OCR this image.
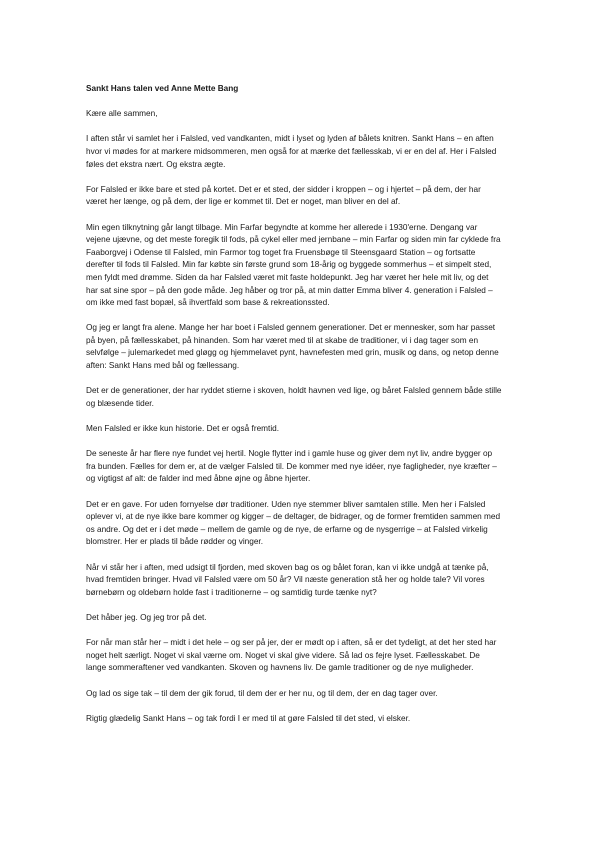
Sankt Hans talen ved Anne Mette Bang
Kære alle sammen,
I aften står vi samlet her i Falsled, ved vandkanten, midt i lyset og lyden af bålets knitren. Sankt Hans – en aften hvor vi mødes for at markere midsommeren, men også for at mærke det fællesskab, vi er en del af. Her i Falsled føles det ekstra nært. Og ekstra ægte.
For Falsled er ikke bare et sted på kortet. Det er et sted, der sidder i kroppen – og i hjertet – på dem, der har været her længe, og på dem, der lige er kommet til. Det er noget, man bliver en del af.
Min egen tilknytning går langt tilbage. Min Farfar begyndte at komme her allerede i 1930'erne. Dengang var vejene ujævne, og det meste foregik til fods, på cykel eller med jernbane – min Farfar og siden min far cyklede fra Faaborgvej i Odense til Falsled, min Farmor tog toget fra Fruensbøge til Steensgaard Station – og fortsatte derefter til fods til Falsled. Min far købte sin første grund som 18-årig og byggede sommerhus – et simpelt sted, men fyldt med drømme. Siden da har Falsled været mit faste holdepunkt. Jeg har været her hele mit liv, og det har sat sine spor – på den gode måde. Jeg håber og tror på, at min datter Emma bliver 4. generation i Falsled – om ikke med fast bopæl, så ihvertfald som base & rekreationssted.
Og jeg er langt fra alene. Mange her har boet i Falsled gennem generationer. Det er mennesker, som har passet på byen, på fællesskabet, på hinanden. Som har været med til at skabe de traditioner, vi i dag tager som en selvfølge – julemarkedet med gløgg og hjemmelavet pynt, havnefesten med grin, musik og dans, og netop denne aften: Sankt Hans med bål og fællessang.
Det er de generationer, der har ryddet stierne i skoven, holdt havnen ved lige, og båret Falsled gennem både stille og blæsende tider.
Men Falsled er ikke kun historie. Det er også fremtid.
De seneste år har flere nye fundet vej hertil. Nogle flytter ind i gamle huse og giver dem nyt liv, andre bygger op fra bunden. Fælles for dem er, at de vælger Falsled til. De kommer med nye idéer, nye fagligheder, nye kræfter – og vigtigst af alt: de falder ind med åbne øjne og åbne hjerter.
Det er en gave. For uden fornyelse dør traditioner. Uden nye stemmer bliver samtalen stille. Men her i Falsled oplever vi, at de nye ikke bare kommer og kigger – de deltager, de bidrager, og de former fremtiden sammen med os andre. Og det er i det møde – mellem de gamle og de nye, de erfarne og de nysgerrige – at Falsled virkelig blomstrer. Her er plads til både rødder og vinger.
Når vi står her i aften, med udsigt til fjorden, med skoven bag os og bålet foran, kan vi ikke undgå at tænke på, hvad fremtiden bringer. Hvad vil Falsled være om 50 år? Vil næste generation stå her og holde tale? Vil vores børnebørn og oldebørn holde fast i traditionerne – og samtidig turde tænke nyt?
Det håber jeg. Og jeg tror på det.
For når man står her – midt i det hele – og ser på jer, der er mødt op i aften, så er det tydeligt, at det her sted har noget helt særligt. Noget vi skal værne om. Noget vi skal give videre. Så lad os fejre lyset. Fællesskabet. De lange sommeraftener ved vandkanten. Skoven og havnens liv. De gamle traditioner og de nye muligheder.
Og lad os sige tak – til dem der gik forud, til dem der er her nu, og til dem, der en dag tager over.
Rigtig glædelig Sankt Hans – og tak fordi I er med til at gøre Falsled til det sted, vi elsker.
